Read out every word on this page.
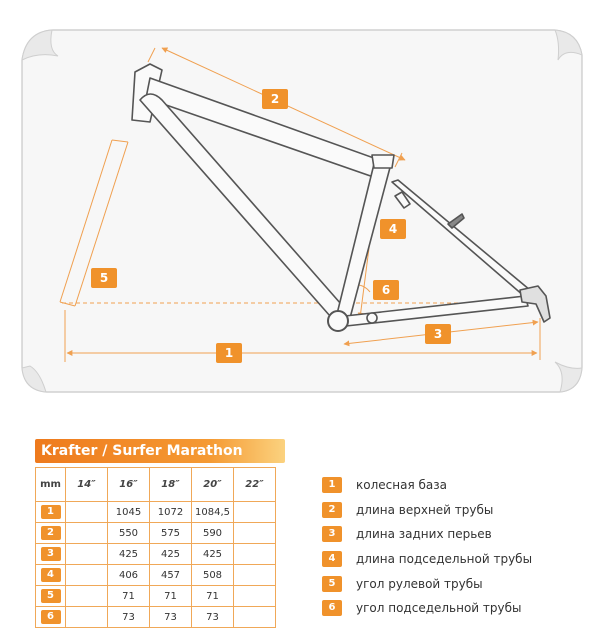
1
2
3
4
5
6
Krafter / Surfer Marathon
mm	14″	16″	18″	20″	22″
1		1045	1072	1084,5	
2		550	575	590	
3		425	425	425	
4		406	457	508	
5		71	71	71	
6		73	73	73	
1	колесная база
2	длина верхней трубы
3	длина задних перьев
4	длина подседельной трубы
5	угол рулевой трубы
6	угол подседельной трубы
